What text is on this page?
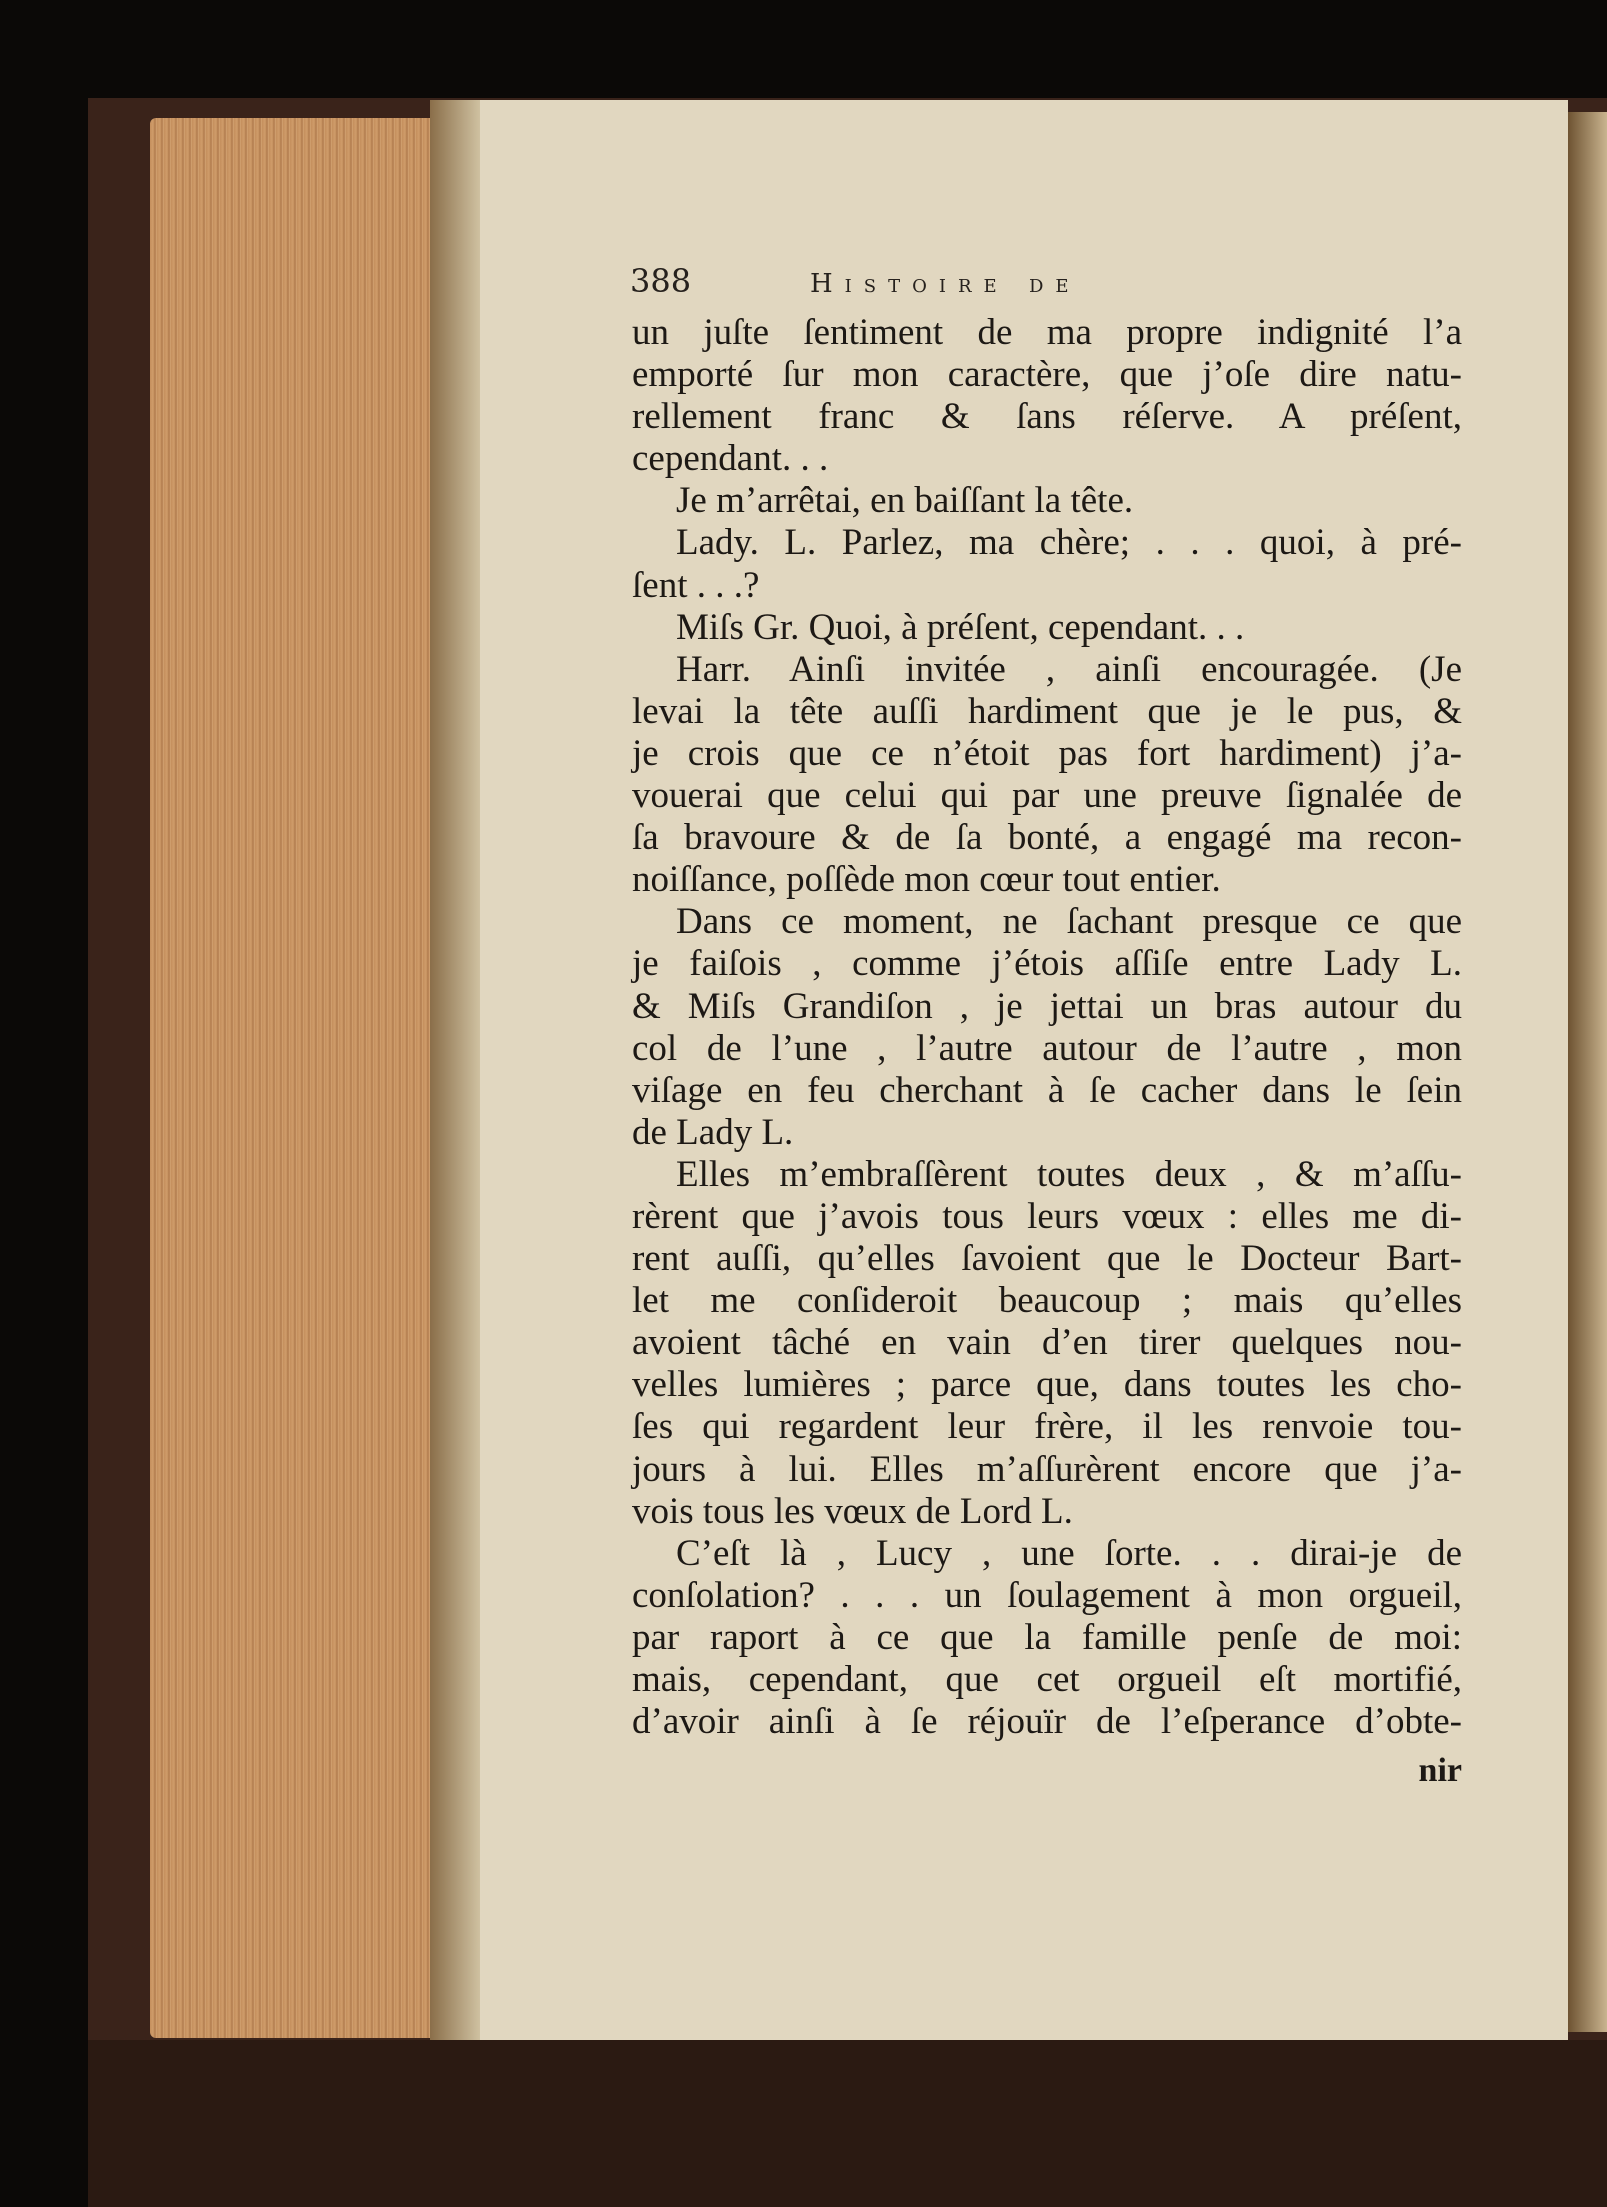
388	Histoire de
un juſte ſentiment de ma propre indignité l’a
emporté ſur mon caractère, que j’oſe dire natu-
rellement franc & ſans réſerve. A préſent,
cependant. . .
Je m’arrêtai, en baiſſant la tête.
Lady. L. Parlez, ma chère; . . . quoi, à pré-
ſent . . .?
Miſs Gr. Quoi, à préſent, cependant. . .
Harr. Ainſi invitée , ainſi encouragée. (Je
levai la tête auſſi hardiment que je le pus, &
je crois que ce n’étoit pas fort hardiment) j’a-
vouerai que celui qui par une preuve ſignalée de
ſa bravoure & de ſa bonté, a engagé ma recon-
noiſſance, poſſède mon cœur tout entier.
Dans ce moment, ne ſachant presque ce que
je faiſois , comme j’étois aſſiſe entre Lady L.
& Miſs Grandiſon , je jettai un bras autour du
col de l’une , l’autre autour de l’autre , mon
viſage en feu cherchant à ſe cacher dans le ſein
de Lady L.
Elles m’embraſſèrent toutes deux , & m’aſſu-
rèrent que j’avois tous leurs vœux : elles me di-
rent auſſi, qu’elles ſavoient que le Docteur Bart-
let me conſideroit beaucoup ; mais qu’elles
avoient tâché en vain d’en tirer quelques nou-
velles lumières ; parce que, dans toutes les cho-
ſes qui regardent leur frère, il les renvoie tou-
jours à lui. Elles m’aſſurèrent encore que j’a-
vois tous les vœux de Lord L.
C’eſt là , Lucy , une ſorte. . . dirai-je de
conſolation? . . . un ſoulagement à mon orgueil,
par raport à ce que la famille penſe de moi:
mais, cependant, que cet orgueil eſt mortifié,
d’avoir ainſi à ſe réjouïr de l’eſperance d’obte-
nir
